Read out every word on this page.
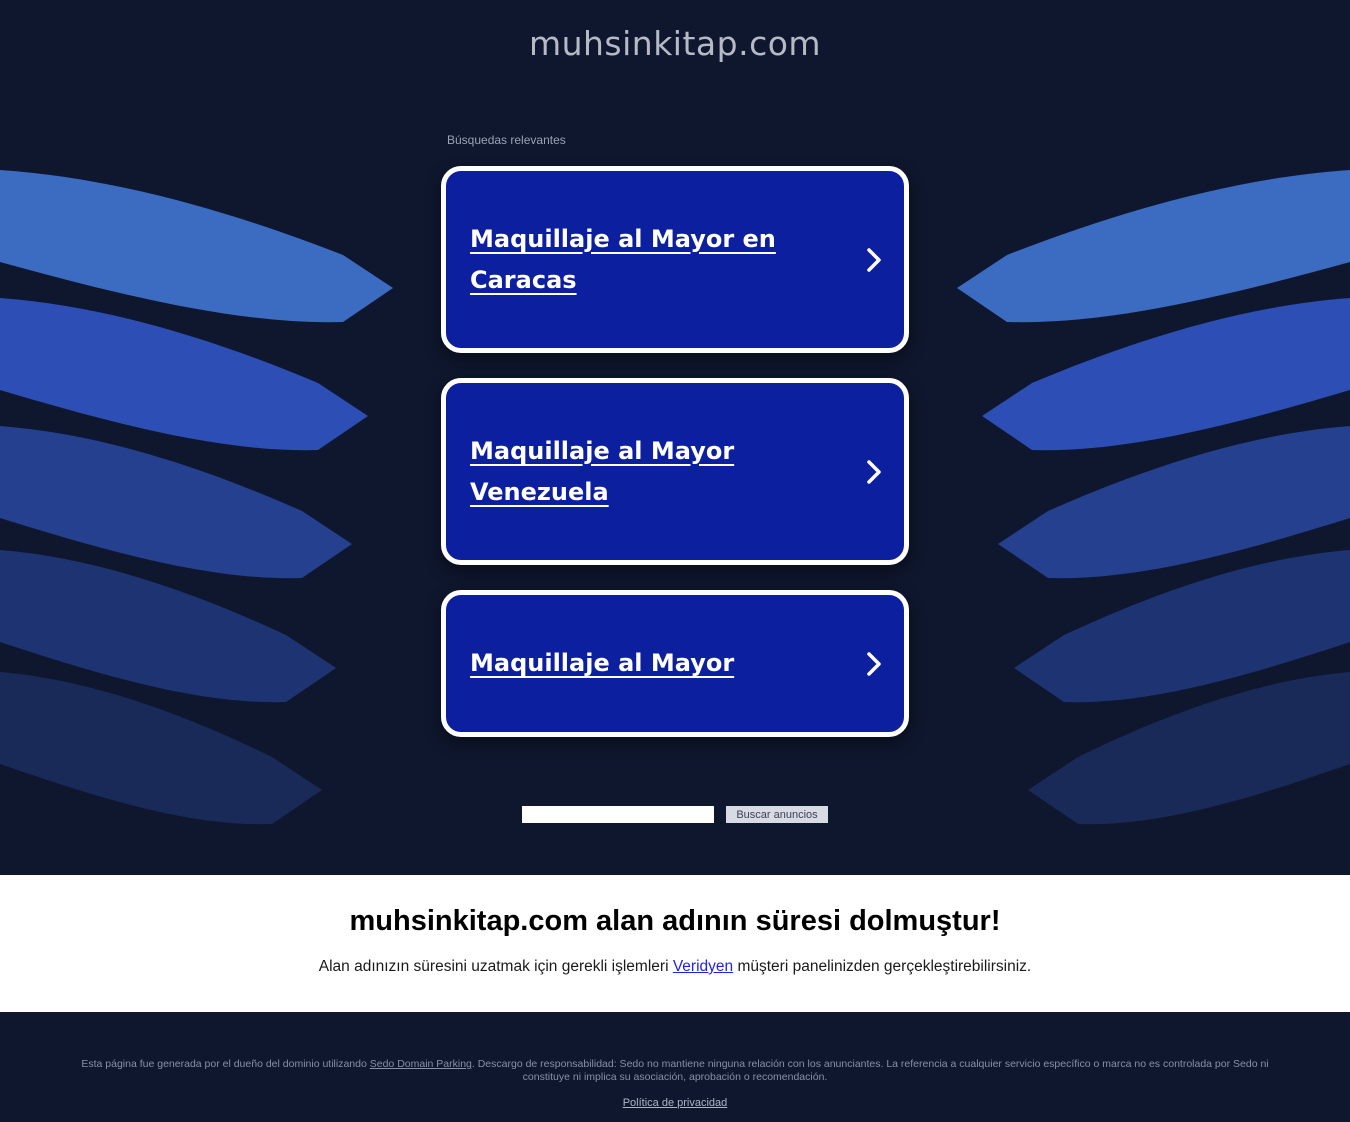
muhsinkitap.com
Búsquedas relevantes
Maquillaje al Mayor en
Caracas
Maquillaje al Mayor
Venezuela
Maquillaje al Mayor
Buscar anuncios
muhsinkitap.com alan adının süresi dolmuştur!

Alan adınızın süresini uzatmak için gerekli işlemleri Veridyen müşteri panelinizden gerçekleştirebilirsiniz.

Esta página fue generada por el dueño del dominio utilizando Sedo Domain Parking. Descargo de responsabilidad: Sedo no mantiene ninguna relación con los anunciantes. La referencia a cualquier servicio específico o marca no es controlada por Sedo ni constituye ni implica su asociación, aprobación o recomendación.

Política de privacidad
